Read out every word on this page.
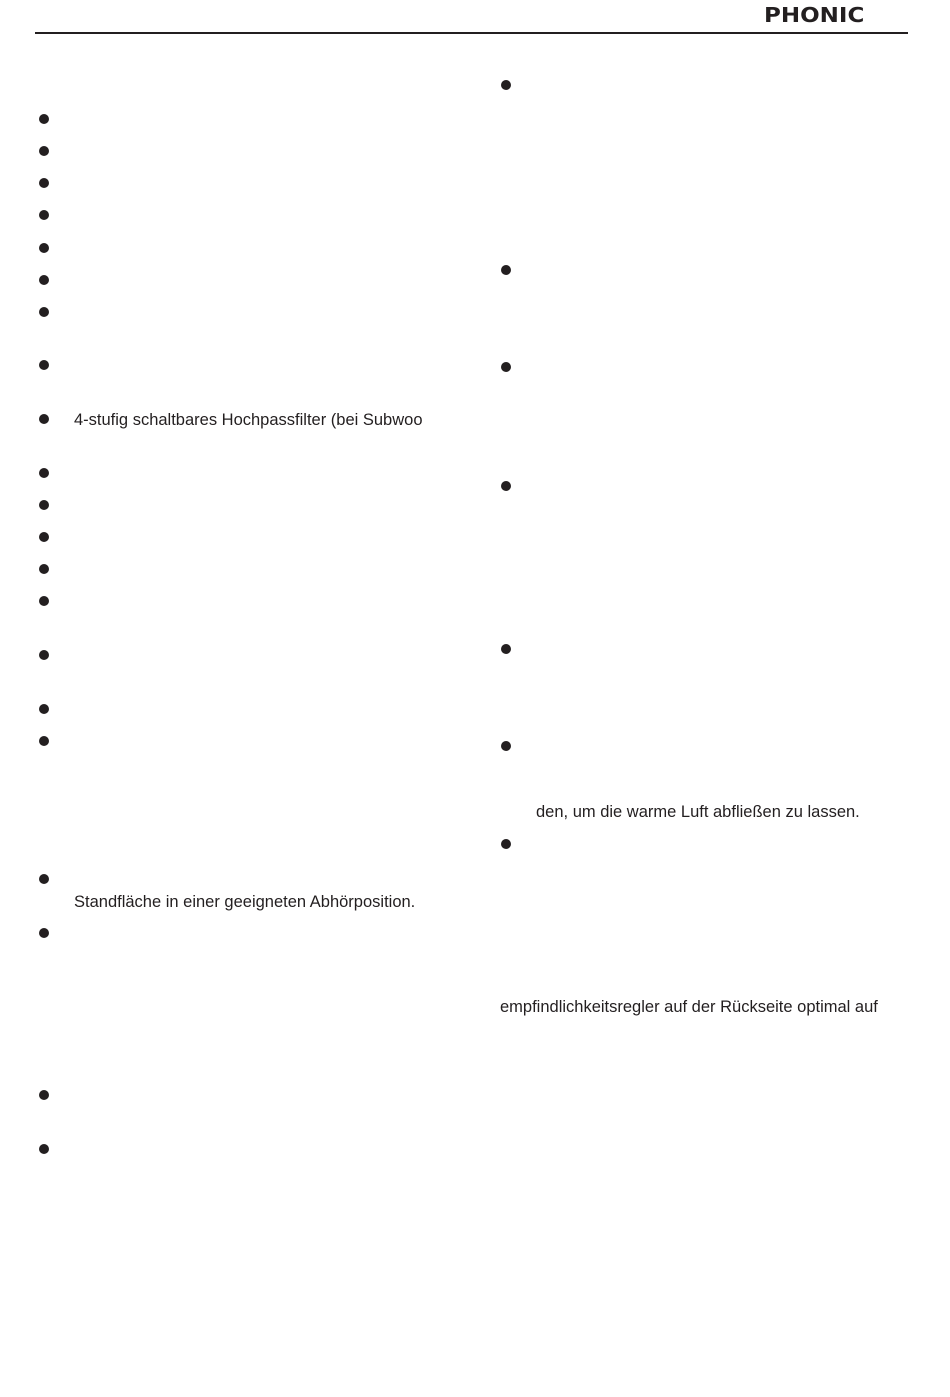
PHONIC
4-stufig schaltbares Hochpassfilter (bei Subwoo
Standfläche in einer geeigneten Abhörposition.
den, um die warme Luft abfließen zu lassen.
empfindlichkeitsregler auf der Rückseite optimal auf
